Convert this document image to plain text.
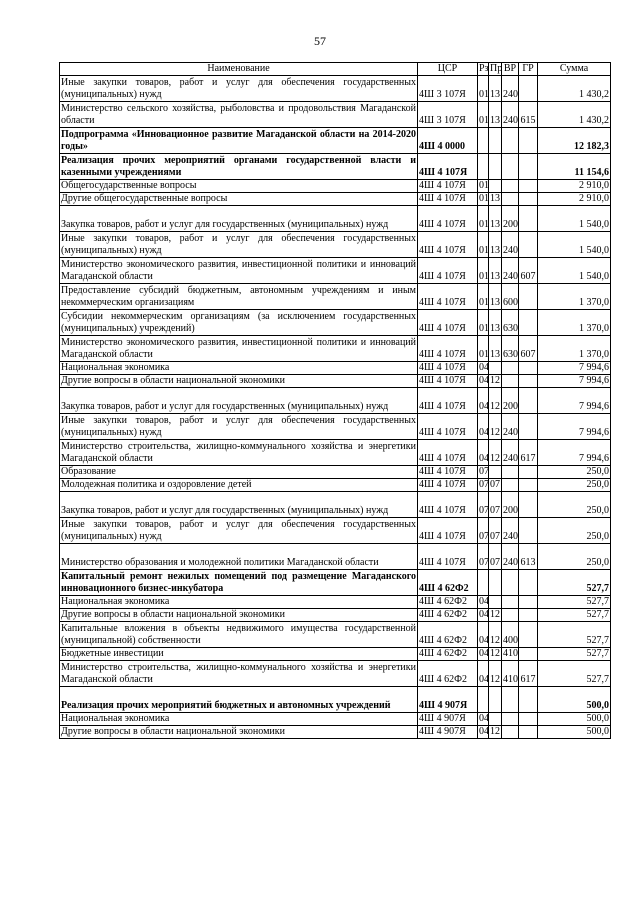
57
Наименование	ЦСР	Рз	Пр	ВР	ГР	Сумма
Иные закупки товаров, работ и услуг для обеспечения государственных (муниципальных) нужд	4Ш 3 107Я	01	13	240		1 430,2
Министерство сельского хозяйства, рыболовства и продовольствия Магаданской области	4Ш 3 107Я	01	13	240	615	1 430,2
Подпрограмма «Инновационное развитие Магаданской области на 2014-2020 годы»	4Ш 4 0000					12 182,3
Реализация прочих мероприятий органами государственной власти и казенными учреждениями	4Ш 4 107Я					11 154,6
Общегосударственные вопросы	4Ш 4 107Я	01				2 910,0
Другие общегосударственные вопросы	4Ш 4 107Я	01	13			2 910,0
Закупка товаров, работ и услуг для государственных (муниципальных) нужд	4Ш 4 107Я	01	13	200		1 540,0
Иные закупки товаров, работ и услуг для обеспечения государственных (муниципальных) нужд	4Ш 4 107Я	01	13	240		1 540,0
Министерство экономического развития, инвестиционной политики и инноваций Магаданской области	4Ш 4 107Я	01	13	240	607	1 540,0
Предоставление субсидий бюджетным, автономным учреждениям и иным некоммерческим организациям	4Ш 4 107Я	01	13	600		1 370,0
Субсидии некоммерческим организациям (за исключением государственных (муниципальных) учреждений)	4Ш 4 107Я	01	13	630		1 370,0
Министерство экономического развития, инвестиционной политики и инноваций Магаданской области	4Ш 4 107Я	01	13	630	607	1 370,0
Национальная экономика	4Ш 4 107Я	04				7 994,6
Другие вопросы в области национальной экономики	4Ш 4 107Я	04	12			7 994,6
Закупка товаров, работ и услуг для государственных (муниципальных) нужд	4Ш 4 107Я	04	12	200		7 994,6
Иные закупки товаров, работ и услуг для обеспечения государственных (муниципальных) нужд	4Ш 4 107Я	04	12	240		7 994,6
Министерство строительства, жилищно-коммунального хозяйства и энергетики Магаданской области	4Ш 4 107Я	04	12	240	617	7 994,6
Образование	4Ш 4 107Я	07				250,0
Молодежная политика и оздоровление детей	4Ш 4 107Я	07	07			250,0
Закупка товаров, работ и услуг для государственных (муниципальных) нужд	4Ш 4 107Я	07	07	200		250,0
Иные закупки товаров, работ и услуг для обеспечения государственных (муниципальных) нужд	4Ш 4 107Я	07	07	240		250,0
Министерство образования и молодежной политики Магаданской области	4Ш 4 107Я	07	07	240	613	250,0
Капитальный ремонт нежилых помещений под размещение Магаданского инновационного бизнес-инкубатора	4Ш 4 62Ф2					527,7
Национальная экономика	4Ш 4 62Ф2	04				527,7
Другие вопросы в области национальной экономики	4Ш 4 62Ф2	04	12			527,7
Капитальные вложения в объекты недвижимого имущества государственной (муниципальной) собственности	4Ш 4 62Ф2	04	12	400		527,7
Бюджетные инвестиции	4Ш 4 62Ф2	04	12	410		527,7
Министерство строительства, жилищно-коммунального хозяйства и энергетики Магаданской области	4Ш 4 62Ф2	04	12	410	617	527,7
Реализация прочих мероприятий бюджетных и автономных учреждений	4Ш 4 907Я					500,0
Национальная экономика	4Ш 4 907Я	04				500,0
Другие вопросы в области национальной экономики	4Ш 4 907Я	04	12			500,0
